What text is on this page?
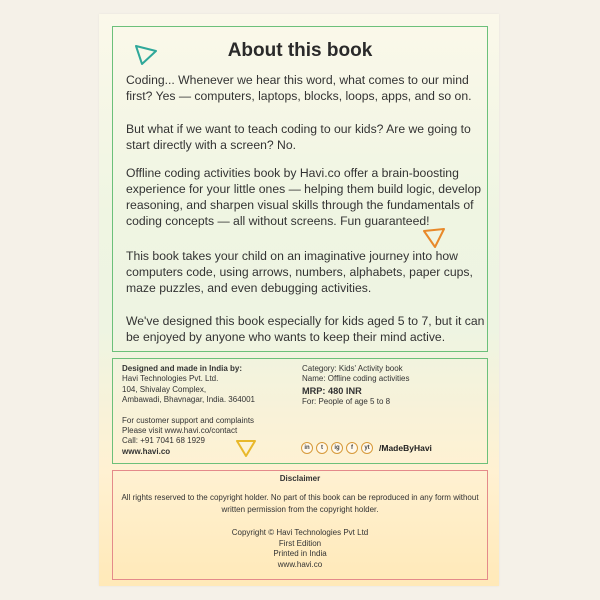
About this book

Coding... Whenever we hear this word, what comes to our mind first? Yes — computers, laptops, blocks, loops, apps, and so on.

But what if we want to teach coding to our kids? Are we going to start directly with a screen? No.

Offline coding activities book by Havi.co offer a brain-boosting experience for your little ones — helping them build logic, develop reasoning, and sharpen visual skills through the fundamentals of coding concepts — all without screens. Fun guaranteed!

This book takes your child on an imaginative journey into how computers code, using arrows, numbers, alphabets, paper cups, maze puzzles, and even debugging activities.

We've designed this book especially for kids aged 5 to 7, but it can be enjoyed by anyone who wants to keep their mind active.

Designed and made in India by:
Havi Technologies Pvt. Ltd.
104, Shivalay Complex,
Ambawadi, Bhavnagar, India. 364001
For customer support and complaints
Please visit www.havi.co/contact
Call: +91 7041 68 1929
www.havi.co
Category: Kids' Activity book
Name: Offline coding activities
MRP: 480 INR
For: People of age 5 to 8
in	t	ig	f	yt	/MadeByHavi
Disclaimer

All rights reserved to the copyright holder. No part of this book can be reproduced in any form without written permission from the copyright holder.

Copyright © Havi Technologies Pvt Ltd
First Edition
Printed in India
www.havi.co
